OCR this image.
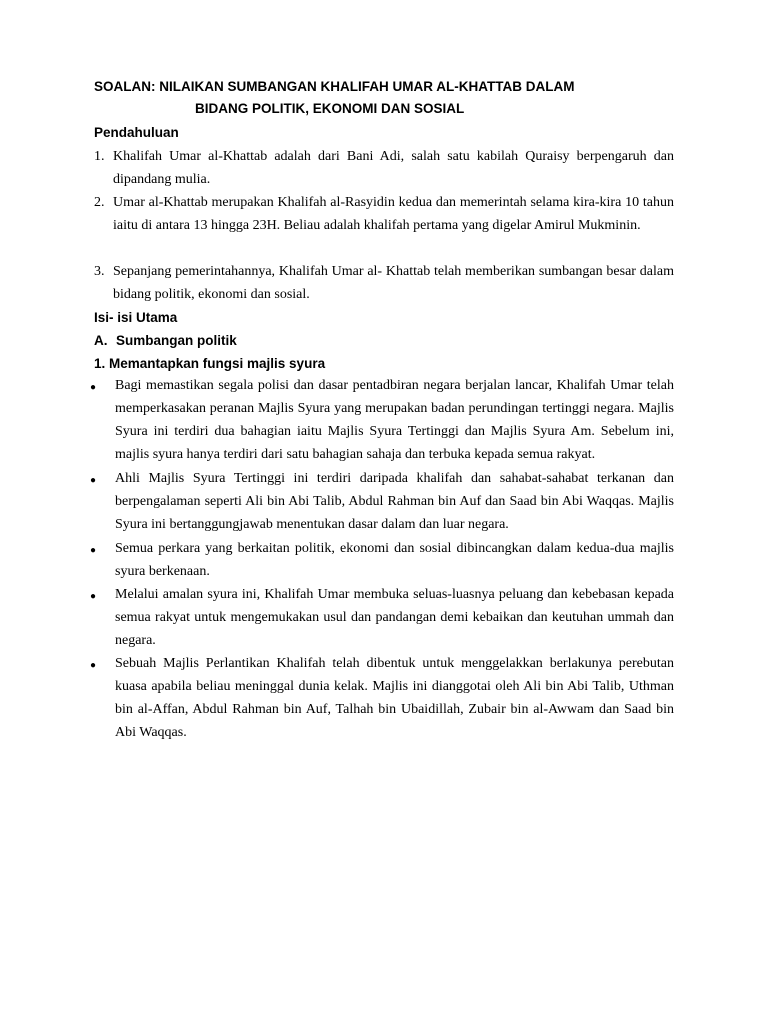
SOALAN: NILAIKAN SUMBANGAN KHALIFAH UMAR AL-KHATTAB DALAM
BIDANG POLITIK, EKONOMI DAN SOSIAL
Pendahuluan
1. Khalifah Umar al-Khattab adalah dari Bani Adi, salah satu kabilah Quraisy berpengaruh dan dipandang mulia.
2. Umar al-Khattab merupakan Khalifah al-Rasyidin kedua dan memerintah selama kira-kira 10 tahun iaitu di antara 13 hingga 23H. Beliau adalah khalifah pertama yang digelar Amirul Mukminin.
3. Sepanjang pemerintahannya, Khalifah Umar al- Khattab telah memberikan sumbangan besar dalam bidang politik, ekonomi dan sosial.
Isi- isi Utama
A. Sumbangan politik
1. Memantapkan fungsi majlis syura
●	Bagi memastikan segala polisi dan dasar pentadbiran negara berjalan lancar, Khalifah Umar telah memperkasakan peranan Majlis Syura yang merupakan badan perundingan tertinggi negara. Majlis Syura ini terdiri dua bahagian iaitu Majlis Syura Tertinggi dan Majlis Syura Am. Sebelum ini, majlis syura hanya terdiri dari satu bahagian sahaja dan terbuka kepada semua rakyat.
●	Ahli Majlis Syura Tertinggi ini terdiri daripada khalifah dan sahabat-sahabat terkanan dan berpengalaman seperti Ali bin Abi Talib, Abdul Rahman bin Auf dan Saad bin Abi Waqqas. Majlis Syura ini bertanggungjawab menentukan dasar dalam dan luar negara.
●	Semua perkara yang berkaitan politik, ekonomi dan sosial dibincangkan dalam kedua-dua majlis syura berkenaan.
●	Melalui amalan syura ini, Khalifah Umar membuka seluas-luasnya peluang dan kebebasan kepada semua rakyat untuk mengemukakan usul dan pandangan demi kebaikan dan keutuhan ummah dan negara.
●	Sebuah Majlis Perlantikan Khalifah telah dibentuk untuk menggelakkan berlakunya perebutan kuasa apabila beliau meninggal dunia kelak. Majlis ini dianggotai oleh Ali bin Abi Talib, Uthman bin al-Affan, Abdul Rahman bin Auf, Talhah bin Ubaidillah, Zubair bin al-Awwam dan Saad bin Abi Waqqas.
